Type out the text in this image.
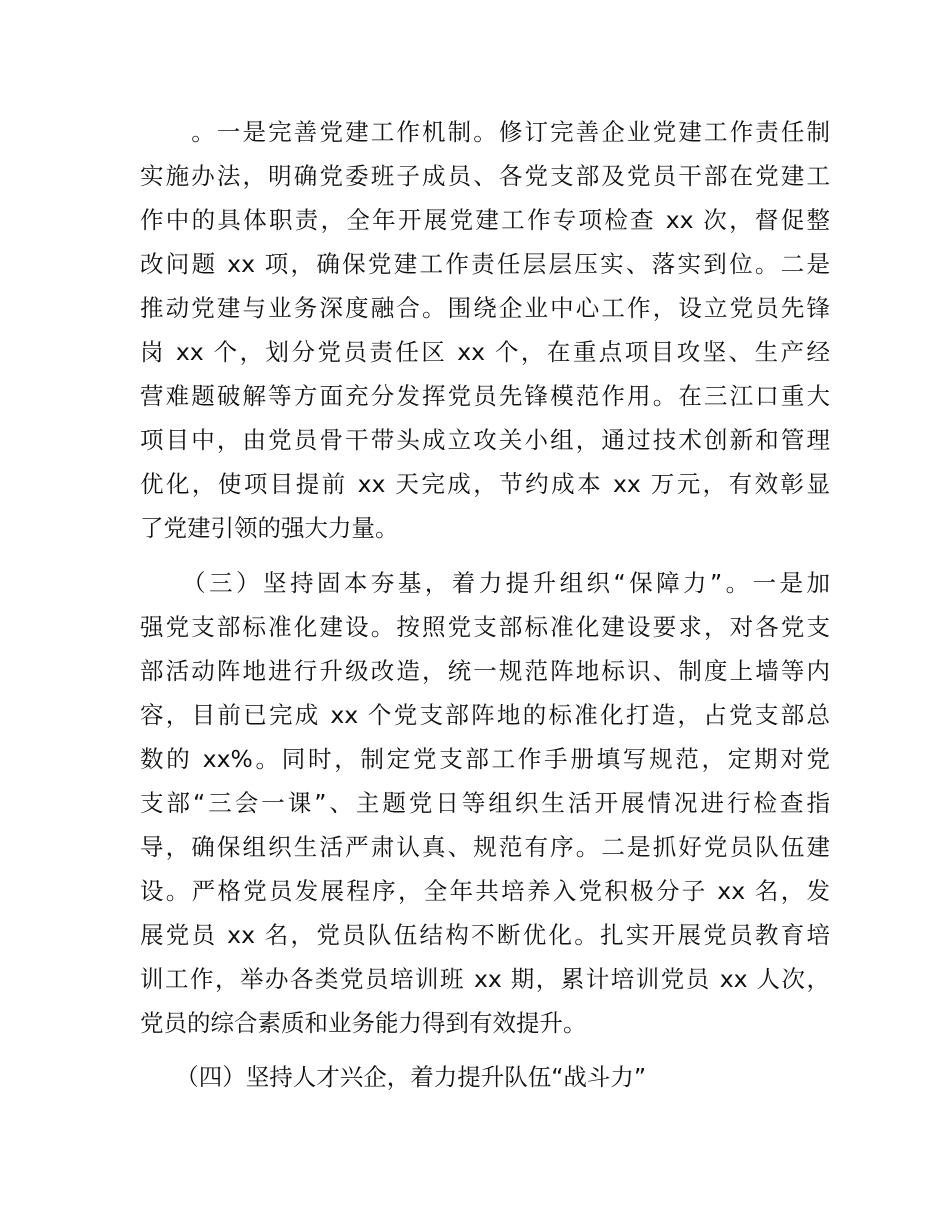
　　。一是完善党建工作机制。修订完善企业党建工作责任制
实施办法，明确党委班子成员、各党支部及党员干部在党建工
作中的具体职责，全年开展党建工作专项检查 xx 次，督促整
改问题 xx 项，确保党建工作责任层层压实、落实到位。二是
推动党建与业务深度融合。围绕企业中心工作，设立党员先锋
岗 xx 个，划分党员责任区 xx 个，在重点项目攻坚、生产经
营难题破解等方面充分发挥党员先锋模范作用。在三江口重大
项目中，由党员骨干带头成立攻关小组，通过技术创新和管理
优化，使项目提前 xx 天完成，节约成本 xx 万元，有效彰显
了党建引领的强大力量。
　　（三）坚持固本夯基，着力提升组织“保障力”。一是加
强党支部标准化建设。按照党支部标准化建设要求，对各党支
部活动阵地进行升级改造，统一规范阵地标识、制度上墙等内
容，目前已完成 xx 个党支部阵地的标准化打造，占党支部总
数的 xx%。同时，制定党支部工作手册填写规范，定期对党
支部“三会一课”、主题党日等组织生活开展情况进行检查指
导，确保组织生活严肃认真、规范有序。二是抓好党员队伍建
设。严格党员发展程序，全年共培养入党积极分子 xx 名，发
展党员 xx 名，党员队伍结构不断优化。扎实开展党员教育培
训工作，举办各类党员培训班 xx 期，累计培训党员 xx 人次，
党员的综合素质和业务能力得到有效提升。
　　（四）坚持人才兴企，着力提升队伍“战斗力”
